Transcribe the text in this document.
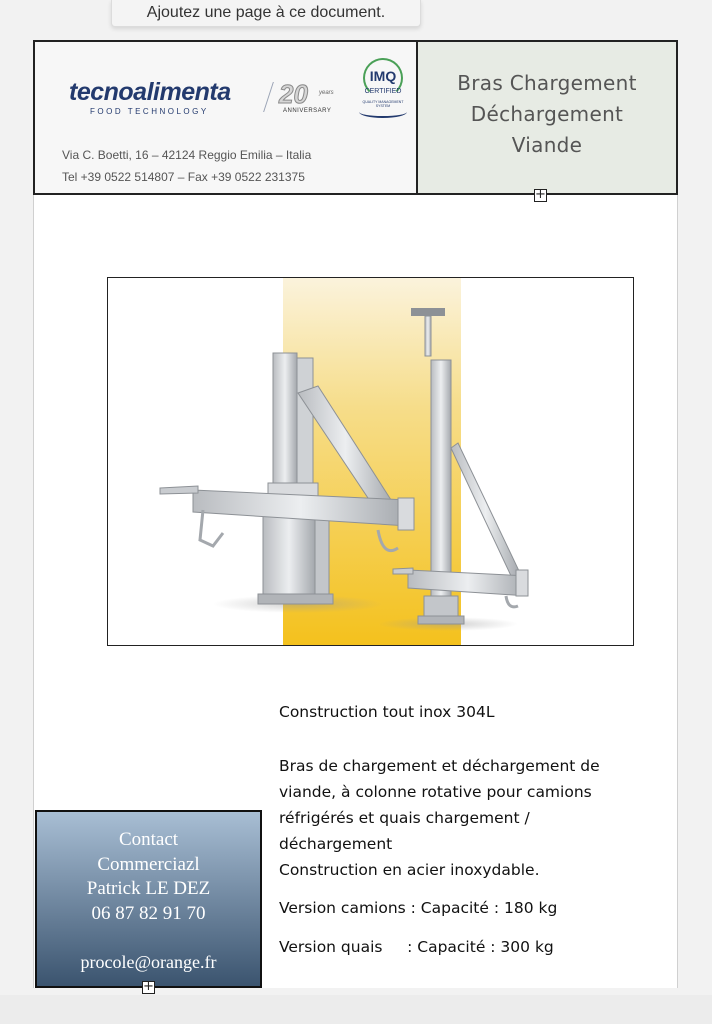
Ajoutez une page à ce document.
tecnoalimenta
FOOD TECHNOLOGY
20 years
ANNIVERSARY
IMQ
CERTIFIED
QUALITY MANAGEMENT SYSTEM
Via C. Boetti, 16 – 42124 Reggio Emilia – Italia
Tel +39 0522 514807 – Fax +39 0522 231375
Bras Chargement
Déchargement
Viande
+
Construction tout inox 304L
Bras de chargement et déchargement de
viande, à colonne rotative pour camions
réfrigérés et quais chargement /
déchargement
Construction en acier inoxydable.
Version camions : Capacité : 180 kg
Version quais     : Capacité : 300 kg
Contact
Commerciazl
Patrick LE DEZ
06 87 82 91 70
procole@orange.fr
+
